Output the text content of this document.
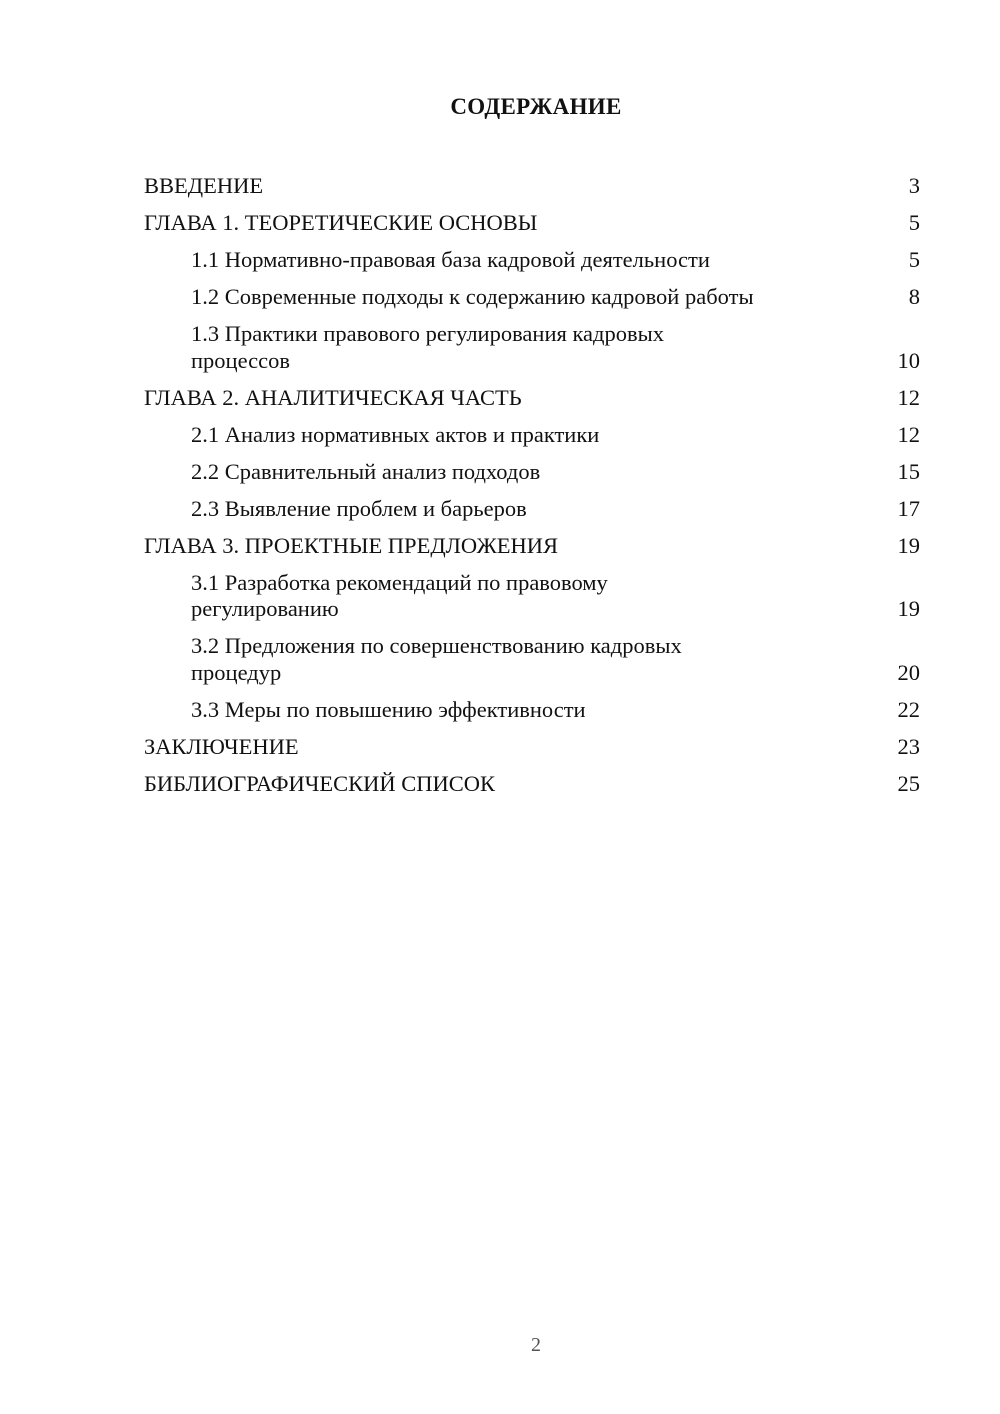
СОДЕРЖАНИЕ
ВВЕДЕНИЕ	3
ГЛАВА 1. ТЕОРЕТИЧЕСКИЕ ОСНОВЫ	5
1.1 Нормативно-правовая база кадровой деятельности	5
1.2 Современные подходы к содержанию кадровой работы	8
1.3 Практики правового регулирования кадровых процессов	10
ГЛАВА 2. АНАЛИТИЧЕСКАЯ ЧАСТЬ	12
2.1 Анализ нормативных актов и практики	12
2.2 Сравнительный анализ подходов	15
2.3 Выявление проблем и барьеров	17
ГЛАВА 3. ПРОЕКТНЫЕ ПРЕДЛОЖЕНИЯ	19
3.1 Разработка рекомендаций по правовому регулированию	19
3.2 Предложения по совершенствованию кадровых процедур	20
3.3 Меры по повышению эффективности	22
ЗАКЛЮЧЕНИЕ	23
БИБЛИОГРАФИЧЕСКИЙ СПИСОК	25
2
